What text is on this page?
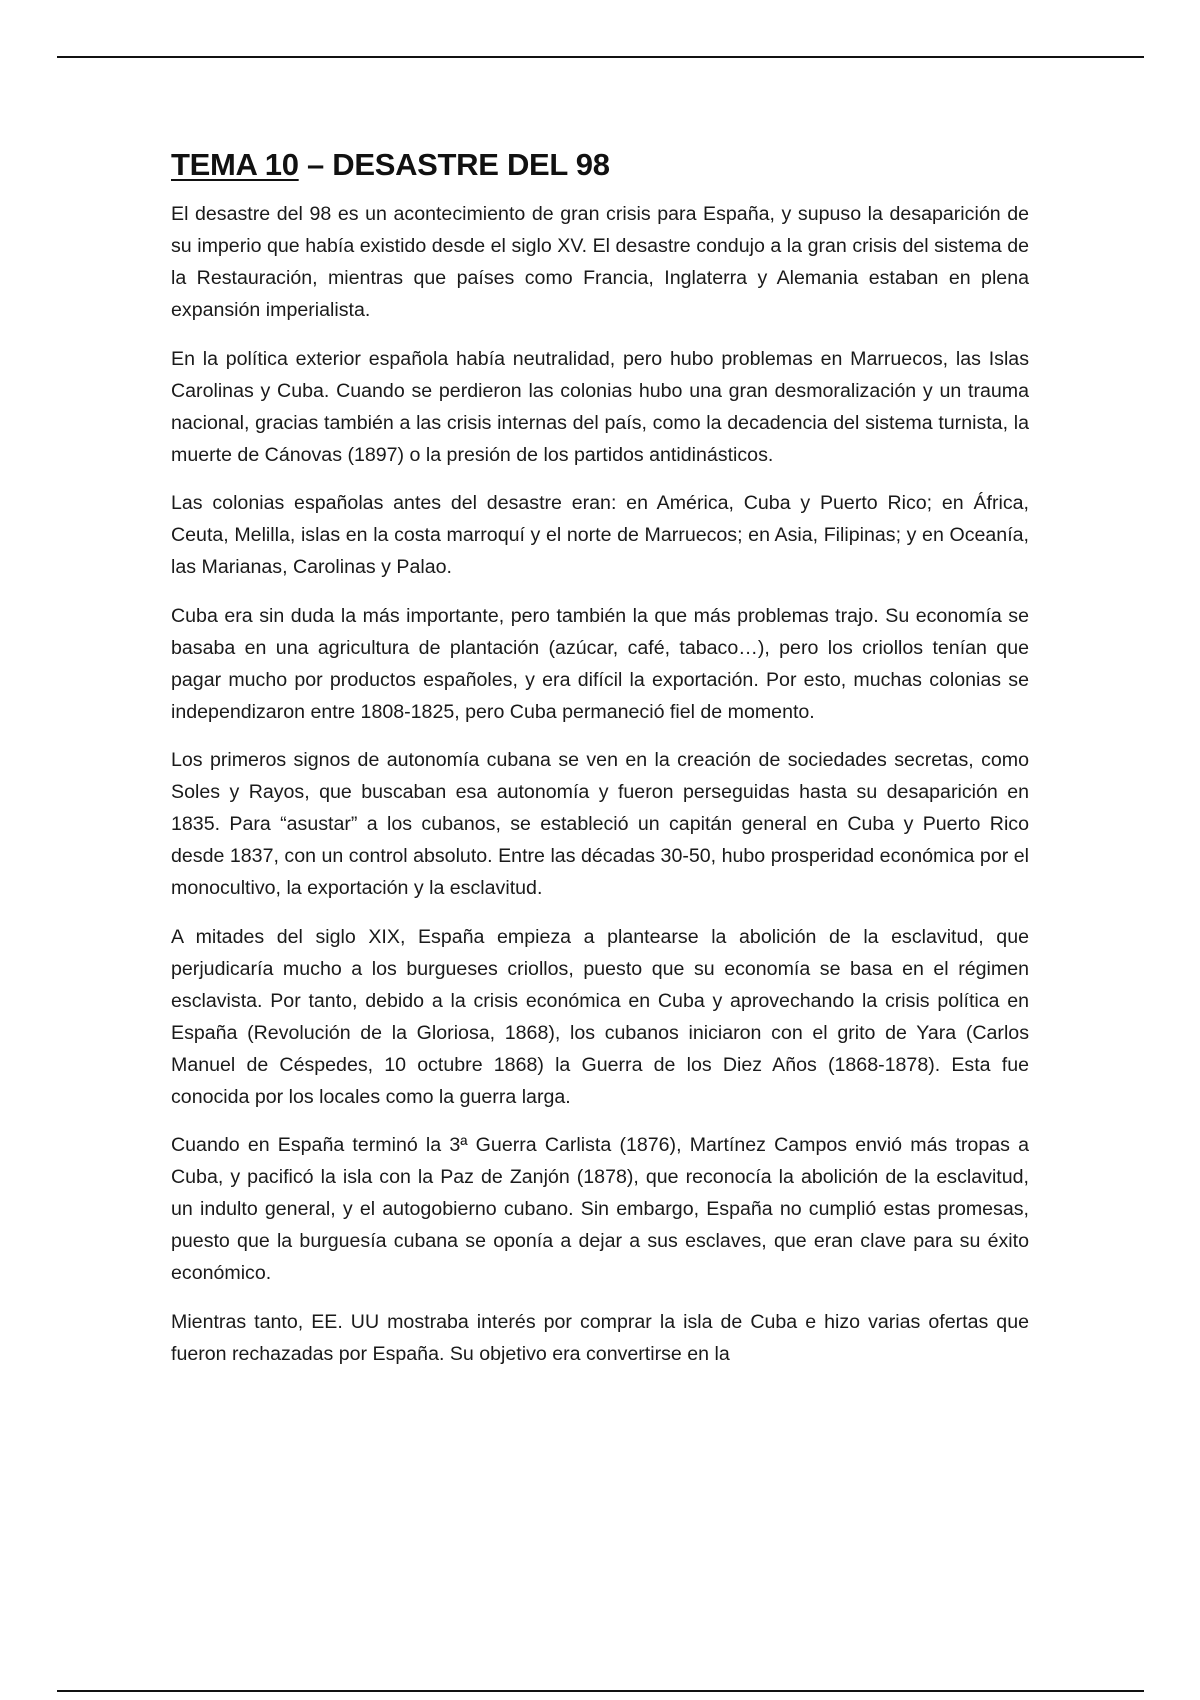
TEMA 10 – DESASTRE DEL 98

El desastre del 98 es un acontecimiento de gran crisis para España, y supuso la desaparición de su imperio que había existido desde el siglo XV. El desastre condujo a la gran crisis del sistema de la Restauración, mientras que países como Francia, Inglaterra y Alemania estaban en plena expansión imperialista.

En la política exterior española había neutralidad, pero hubo problemas en Marruecos, las Islas Carolinas y Cuba. Cuando se perdieron las colonias hubo una gran desmoralización y un trauma nacional, gracias también a las crisis internas del país, como la decadencia del sistema turnista, la muerte de Cánovas (1897) o la presión de los partidos antidinásticos.

Las colonias españolas antes del desastre eran: en América, Cuba y Puerto Rico; en África, Ceuta, Melilla, islas en la costa marroquí y el norte de Marruecos; en Asia, Filipinas; y en Oceanía, las Marianas, Carolinas y Palao.

Cuba era sin duda la más importante, pero también la que más problemas trajo. Su economía se basaba en una agricultura de plantación (azúcar, café, tabaco…), pero los criollos tenían que pagar mucho por productos españoles, y era difícil la exportación. Por esto, muchas colonias se independizaron entre 1808-1825, pero Cuba permaneció fiel de momento.

Los primeros signos de autonomía cubana se ven en la creación de sociedades secretas, como Soles y Rayos, que buscaban esa autonomía y fueron perseguidas hasta su desaparición en 1835. Para “asustar” a los cubanos, se estableció un capitán general en Cuba y Puerto Rico desde 1837, con un control absoluto. Entre las décadas 30-50, hubo prosperidad económica por el monocultivo, la exportación y la esclavitud.

A mitades del siglo XIX, España empieza a plantearse la abolición de la esclavitud, que perjudicaría mucho a los burgueses criollos, puesto que su economía se basa en el régimen esclavista. Por tanto, debido a la crisis económica en Cuba y aprovechando la crisis política en España (Revolución de la Gloriosa, 1868), los cubanos iniciaron con el grito de Yara (Carlos Manuel de Céspedes, 10 octubre 1868) la Guerra de los Diez Años (1868-1878). Esta fue conocida por los locales como la guerra larga.

Cuando en España terminó la 3ª Guerra Carlista (1876), Martínez Campos envió más tropas a Cuba, y pacificó la isla con la Paz de Zanjón (1878), que reconocía la abolición de la esclavitud, un indulto general, y el autogobierno cubano. Sin embargo, España no cumplió estas promesas, puesto que la burguesía cubana se oponía a dejar a sus esclaves, que eran clave para su éxito económico.

Mientras tanto, EE. UU mostraba interés por comprar la isla de Cuba e hizo varias ofertas que fueron rechazadas por España. Su objetivo era convertirse en la
